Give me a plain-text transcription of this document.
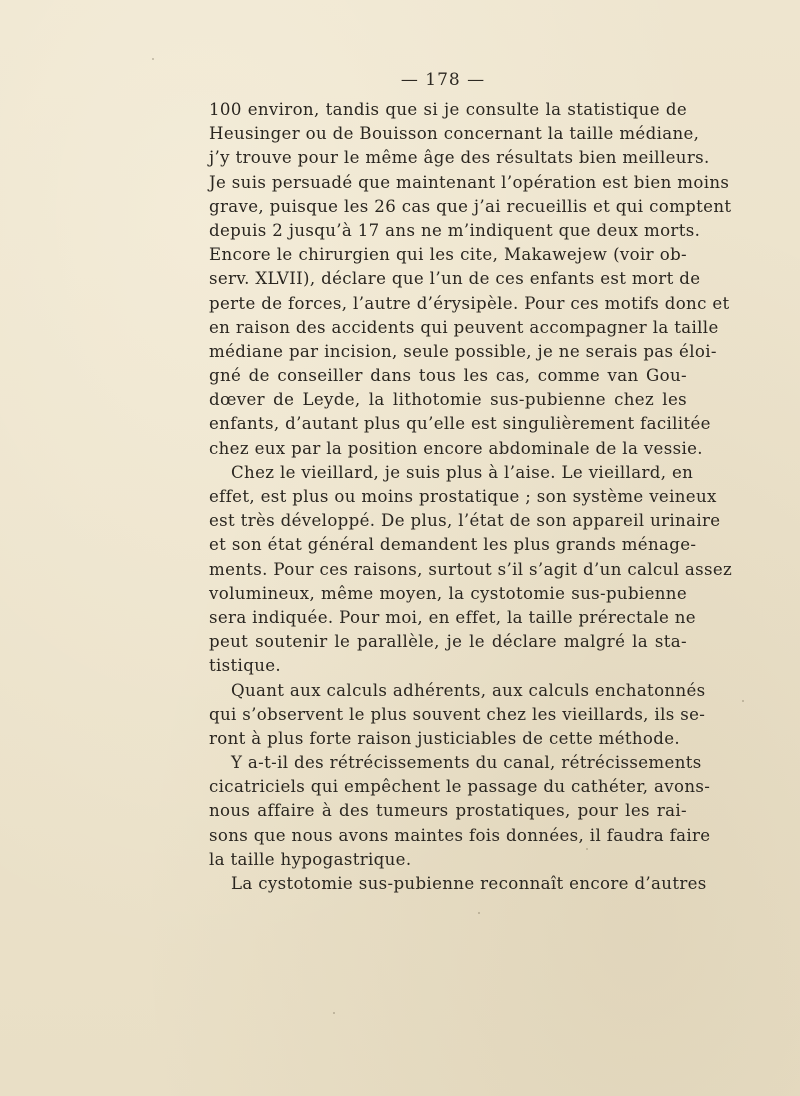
— 178 —
100 environ, tandis que si je consulte la statistique de
Heusinger ou de Bouisson concernant la taille médiane,
j’y trouve pour le même âge des résultats bien meilleurs.
Je suis persuadé que maintenant l’opération est bien moins
grave, puisque les 26 cas que j’ai recueillis et qui comptent
depuis 2 jusqu’à 17 ans ne m’indiquent que deux morts.
Encore le chirurgien qui les cite, Makawejew (voir ob-
serv. XLVII), déclare que l’un de ces enfants est mort de
perte de forces, l’autre d’érysipèle. Pour ces motifs donc et
en raison des accidents qui peuvent accompagner la taille
médiane par incision, seule possible, je ne serais pas éloi-
gné de conseiller dans tous les cas, comme van Gou-
dœver de Leyde, la lithotomie sus-pubienne chez les
enfants, d’autant plus qu’elle est singulièrement facilitée
chez eux par la position encore abdominale de la vessie.
Chez le vieillard, je suis plus à l’aise. Le vieillard, en
effet, est plus ou moins prostatique ; son système veineux
est très développé. De plus, l’état de son appareil urinaire
et son état général demandent les plus grands ménage-
ments. Pour ces raisons, surtout s’il s’agit d’un calcul assez
volumineux, même moyen, la cystotomie sus-pubienne
sera indiquée. Pour moi, en effet, la taille prérectale ne
peut soutenir le parallèle, je le déclare malgré la sta-
tistique.
Quant aux calculs adhérents, aux calculs enchatonnés
qui s’observent le plus souvent chez les vieillards, ils se-
ront à plus forte raison justiciables de cette méthode.
Y a-t-il des rétrécissements du canal, rétrécissements
cicatriciels qui empêchent le passage du cathéter, avons-
nous affaire à des tumeurs prostatiques, pour les rai-
sons que nous avons maintes fois données, il faudra faire
la taille hypogastrique.
La cystotomie sus-pubienne reconnaît encore d’autres
